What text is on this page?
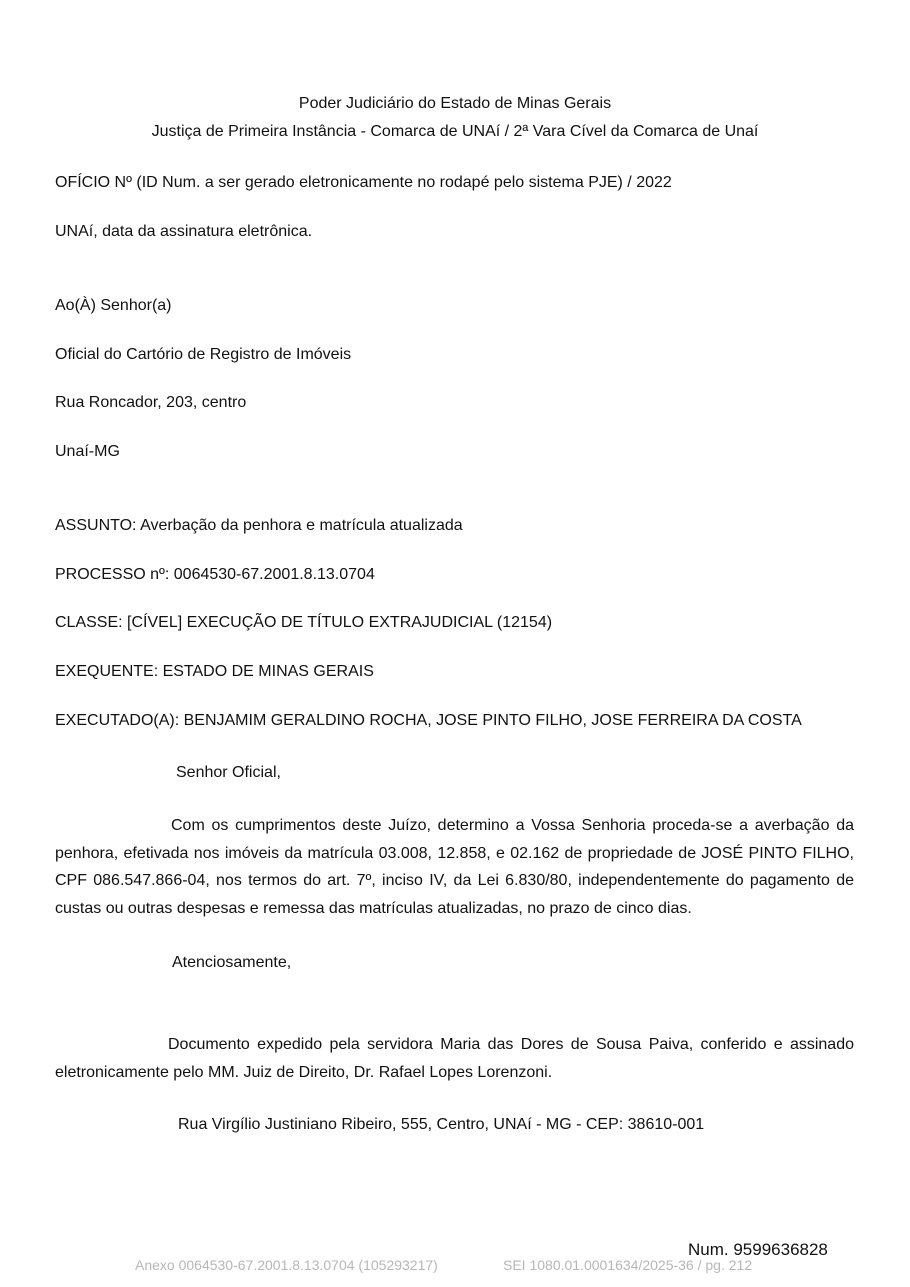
Poder Judiciário do Estado de Minas Gerais
Justiça de Primeira Instância - Comarca de UNAí / 2ª Vara Cível da Comarca de Unaí
OFÍCIO Nº (ID Num. a ser gerado eletronicamente no rodapé pelo sistema PJE) / 2022
UNAí, data da assinatura eletrônica.
Ao(À) Senhor(a)
Oficial do Cartório de Registro de Imóveis
Rua Roncador, 203, centro
Unaí-MG
ASSUNTO: Averbação da penhora e matrícula atualizada
PROCESSO nº: 0064530-67.2001.8.13.0704
CLASSE: [CÍVEL] EXECUÇÃO DE TÍTULO EXTRAJUDICIAL (12154)
EXEQUENTE: ESTADO DE MINAS GERAIS
EXECUTADO(A): BENJAMIM GERALDINO ROCHA, JOSE PINTO FILHO, JOSE FERREIRA DA COSTA
Senhor Oficial,
Com os cumprimentos deste Juízo, determino a Vossa Senhoria proceda-se a averbação da penhora, efetivada nos imóveis da matrícula 03.008, 12.858, e 02.162 de propriedade de JOSÉ PINTO FILHO, CPF 086.547.866-04, nos termos do art. 7º, inciso IV, da Lei 6.830/80, independentemente do pagamento de custas ou outras despesas e remessa das matrículas atualizadas, no prazo de cinco dias.
Atenciosamente,
Documento expedido pela servidora Maria das Dores de Sousa Paiva, conferido e assinado eletronicamente pelo MM. Juiz de Direito, Dr. Rafael Lopes Lorenzoni.
Rua Virgílio Justiniano Ribeiro, 555, Centro, UNAí - MG - CEP: 38610-001
Num. 9599636828
Anexo 0064530-67.2001.8.13.0704 (105293217)	SEI 1080.01.0001634/2025-36 / pg. 212
